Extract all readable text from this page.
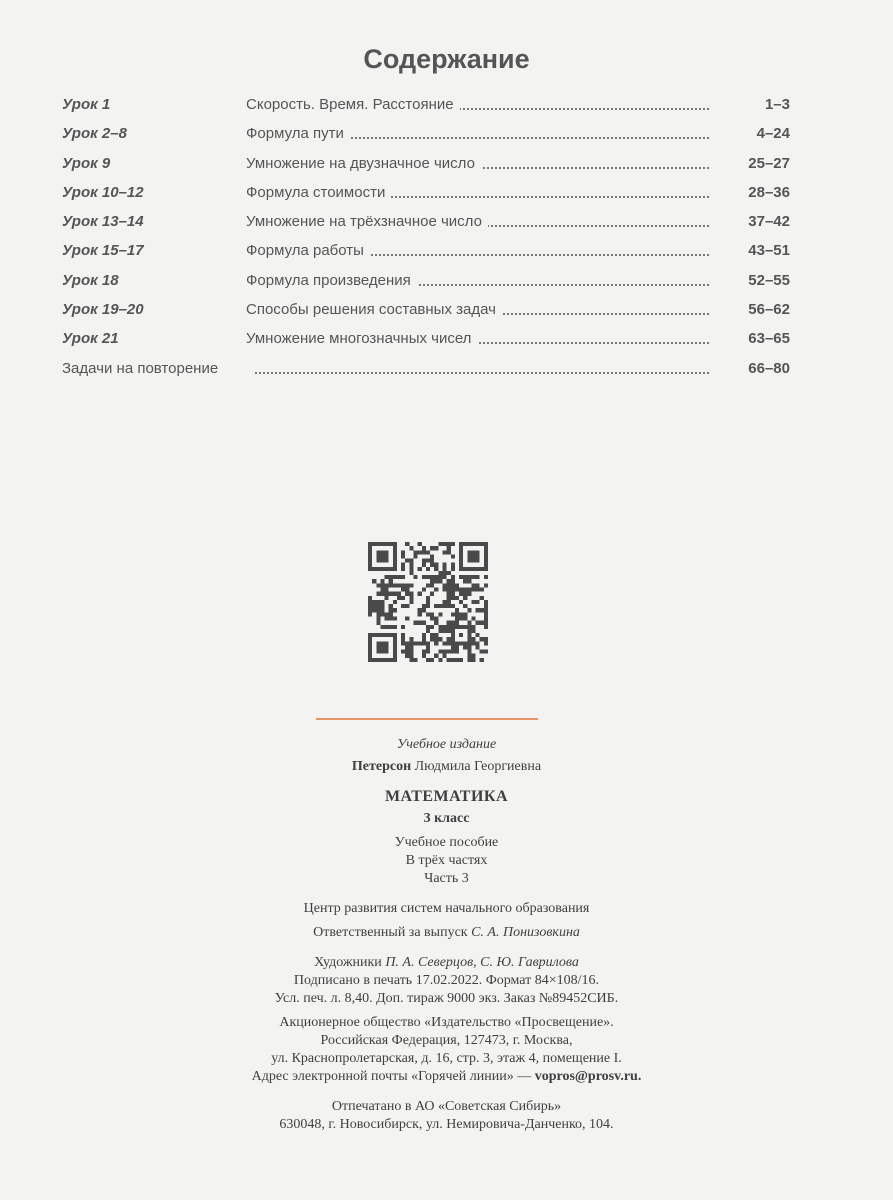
Содержание
Урок 1	Скорость. Время. Расстояние	1–3
Урок 2–8	Формула пути	4–24
Урок 9	Умножение на двузначное число	25–27
Урок 10–12	Формула стоимости	28–36
Урок 13–14	Умножение на трёхзначное число	37–42
Урок 15–17	Формула работы	43–51
Урок 18	Формула произведения	52–55
Урок 19–20	Способы решения составных задач	56–62
Урок 21	Умножение многозначных чисел	63–65
Задачи на повторение	66–80

Учебное издание

Петерсон Людмила Георгиевна

МАТЕМАТИКА

3 класс

Учебное пособие

В трёх частях

Часть 3

Центр развития систем начального образования

Ответственный за выпуск С. А. Понизовкина

Художники П. А. Северцов, С. Ю. Гаврилова

Подписано в печать 17.02.2022. Формат 84×108/16.

Усл. печ. л. 8,40. Доп. тираж 9000 экз. Заказ №89452СИБ.

Акционерное общество «Издательство «Просвещение».

Российская Федерация, 127473, г. Москва,

ул. Краснопролетарская, д. 16, стр. 3, этаж 4, помещение I.

Адрес электронной почты «Горячей линии» — vopros@prosv.ru.

Отпечатано в АО «Советская Сибирь»

630048, г. Новосибирск, ул. Немировича-Данченко, 104.
